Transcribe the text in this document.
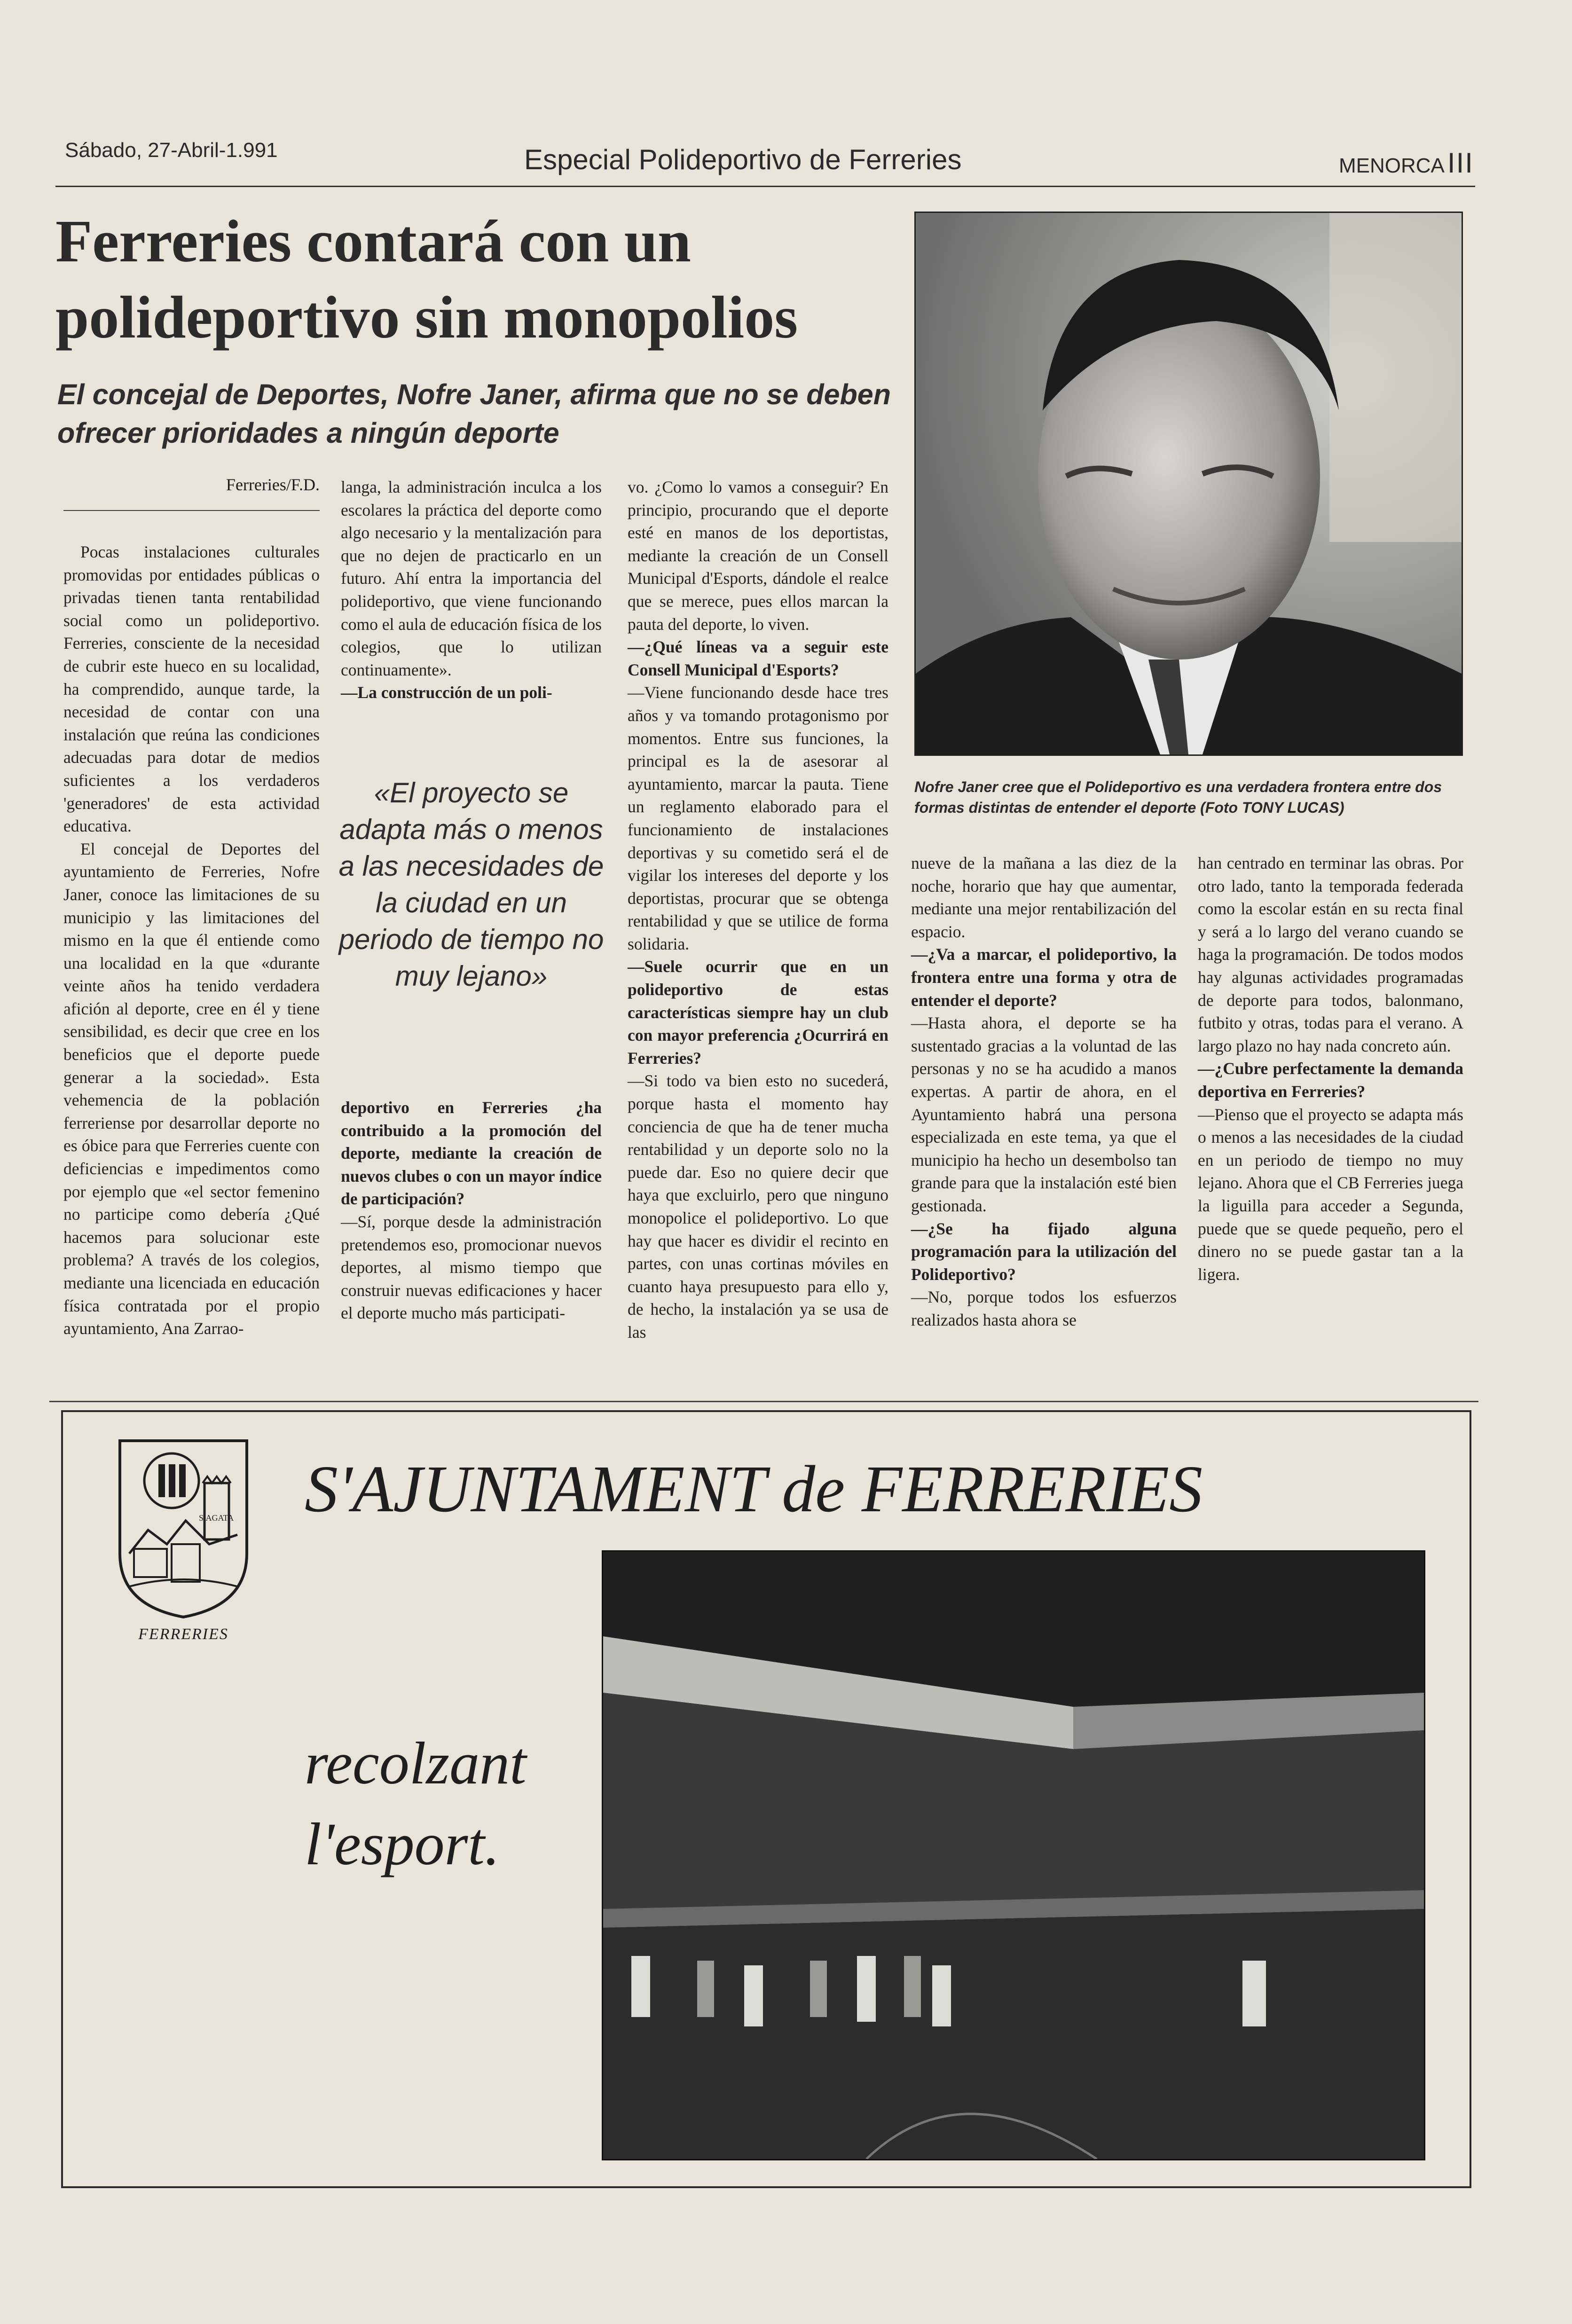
Sábado, 27-Abril-1.991	Especial Polideportivo de Ferreries	MENORCA III
Ferreries contará con un
polideportivo sin monopolios
El concejal de Deportes, Nofre Janer, afirma que no se deben ofrecer prioridades a ningún deporte
Ferreries/F.D.

Pocas instalaciones culturales promovidas por entidades públicas o privadas tienen tanta rentabilidad social como un polideportivo. Ferreries, consciente de la necesidad de cubrir este hueco en su localidad, ha comprendido, aunque tarde, la necesidad de contar con una instalación que reúna las condiciones adecuadas para dotar de medios suficientes a los verdaderos 'generadores' de esta actividad educativa.

El concejal de Deportes del ayuntamiento de Ferreries, Nofre Janer, conoce las limitaciones de su municipio y las limitaciones del mismo en la que él entiende como una localidad en la que «durante veinte años ha tenido verdadera afición al deporte, cree en él y tiene sensibilidad, es decir que cree en los beneficios que el deporte puede generar a la sociedad». Esta vehemencia de la población ferreriense por desarrollar deporte no es óbice para que Ferreries cuente con deficiencias e impedimentos como por ejemplo que «el sector femenino no participe como debería ¿Qué hacemos para solucionar este problema? A través de los colegios, mediante una licenciada en educación física contratada por el propio ayuntamiento, Ana Zarrao-

langa, la administración inculca a los escolares la práctica del deporte como algo necesario y la mentalización para que no dejen de practicarlo en un futuro. Ahí entra la importancia del polideportivo, que viene funcionando como el aula de educación física de los colegios, que lo utilizan continuamente».

—La construcción de un poli-

«El proyecto se adapta más o menos a las necesidades de la ciudad en un periodo de tiempo no muy lejano»

deportivo en Ferreries ¿ha contribuido a la promoción del deporte, mediante la creación de nuevos clubes o con un mayor índice de participación?

—Sí, porque desde la administración pretendemos eso, promocionar nuevos deportes, al mismo tiempo que construir nuevas edificaciones y hacer el deporte mucho más participati-

vo. ¿Como lo vamos a conseguir? En principio, procurando que el deporte esté en manos de los deportistas, mediante la creación de un Consell Municipal d'Esports, dándole el realce que se merece, pues ellos marcan la pauta del deporte, lo viven.

—¿Qué líneas va a seguir este Consell Municipal d'Esports?

—Viene funcionando desde hace tres años y va tomando protagonismo por momentos. Entre sus funciones, la principal es la de asesorar al ayuntamiento, marcar la pauta. Tiene un reglamento elaborado para el funcionamiento de instalaciones deportivas y su cometido será el de vigilar los intereses del deporte y los deportistas, procurar que se obtenga rentabilidad y que se utilice de forma solidaria.

—Suele ocurrir que en un polideportivo de estas características siempre hay un club con mayor preferencia ¿Ocurrirá en Ferreries?

—Si todo va bien esto no sucederá, porque hasta el momento hay conciencia de que ha de tener mucha rentabilidad y un deporte solo no la puede dar. Eso no quiere decir que haya que excluirlo, pero que ninguno monopolice el polideportivo. Lo que hay que hacer es dividir el recinto en partes, con unas cortinas móviles en cuanto haya presupuesto para ello y, de hecho, la instalación ya se usa de las

Nofre Janer cree que el Polideportivo es una verdadera frontera entre dos formas distintas de entender el deporte (Foto TONY LUCAS)

nueve de la mañana a las diez de la noche, horario que hay que aumentar, mediante una mejor rentabilización del espacio.

—¿Va a marcar, el polideportivo, la frontera entre una forma y otra de entender el deporte?

—Hasta ahora, el deporte se ha sustentado gracias a la voluntad de las personas y no se ha acudido a manos expertas. A partir de ahora, en el Ayuntamiento habrá una persona especializada en este tema, ya que el municipio ha hecho un desembolso tan grande para que la instalación esté bien gestionada.

—¿Se ha fijado alguna programación para la utilización del Polideportivo?

—No, porque todos los esfuerzos realizados hasta ahora se

han centrado en terminar las obras. Por otro lado, tanto la temporada federada como la escolar están en su recta final y será a lo largo del verano cuando se haga la programación. De todos modos hay algunas actividades programadas de deporte para todos, balonmano, futbito y otras, todas para el verano. A largo plazo no hay nada concreto aún.

—¿Cubre perfectamente la demanda deportiva en Ferreries?

—Pienso que el proyecto se adapta más o menos a las necesidades de la ciudad en un periodo de tiempo no muy lejano. Ahora que el CB Ferreries juega la liguilla para acceder a Segunda, puede que se quede pequeño, pero el dinero no se puede gastar tan a la ligera.

S.AGATA
FERRERIES
S'AJUNTAMENT de FERRERIES
recolzant
l'esport.
